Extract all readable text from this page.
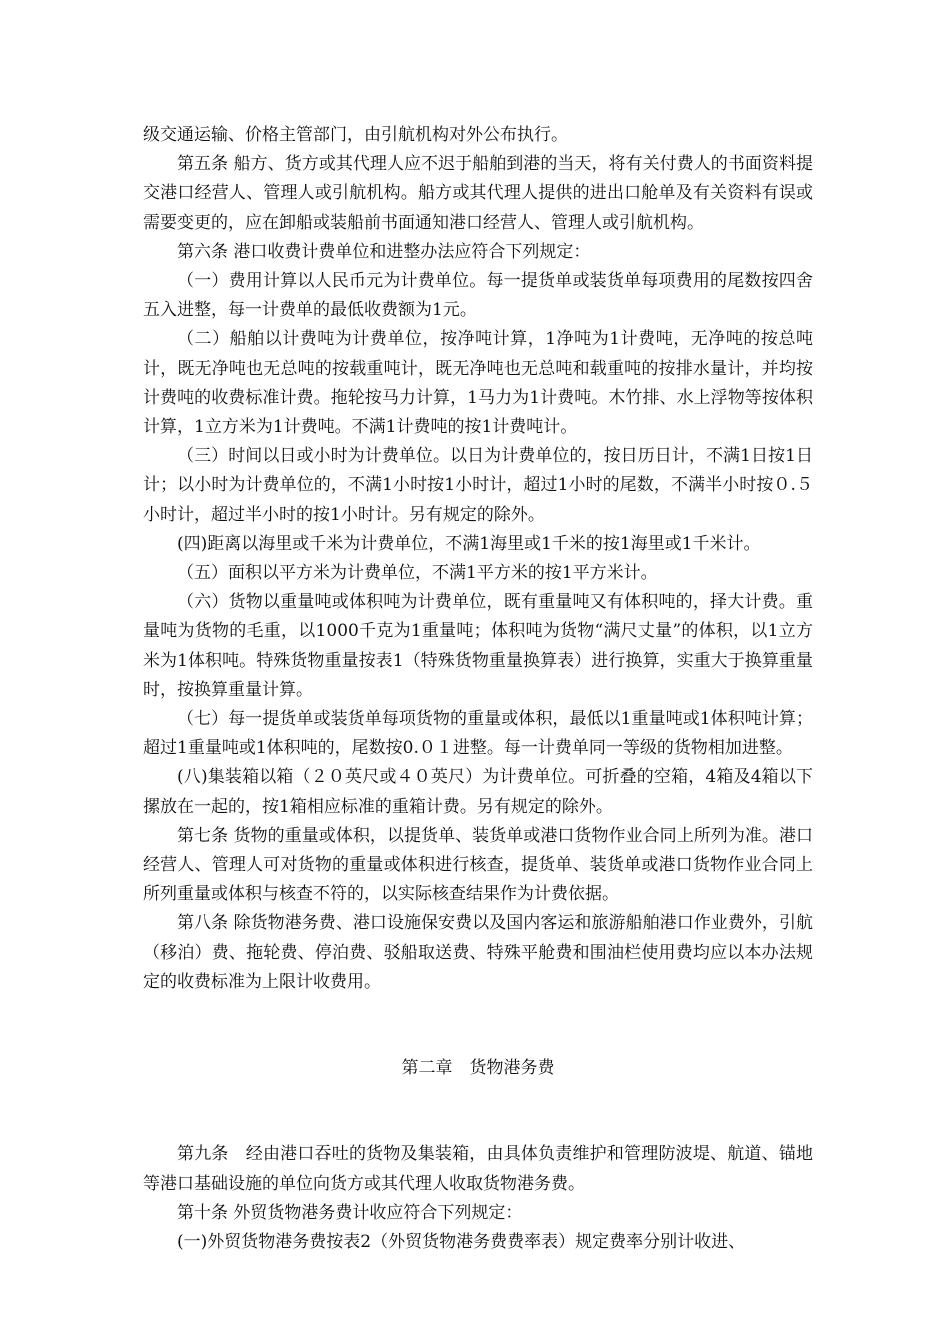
级交通运输、价格主管部门，由引航机构对外公布执行。

第五条 船方、货方或其代理人应不迟于船舶到港的当天，将有关付费人的书面资料提交港口经营人、管理人或引航机构。船方或其代理人提供的进出口舱单及有关资料有误或需要变更的，应在卸船或装船前书面通知港口经营人、管理人或引航机构。

第六条 港口收费计费单位和进整办法应符合下列规定：

（一）费用计算以人民币元为计费单位。每一提货单或装货单每项费用的尾数按四舍五入进整，每一计费单的最低收费额为1元。

（二）船舶以计费吨为计费单位，按净吨计算，1净吨为1计费吨，无净吨的按总吨计，既无净吨也无总吨的按载重吨计，既无净吨也无总吨和载重吨的按排水量计，并均按计费吨的收费标准计费。拖轮按马力计算，1马力为1计费吨。木竹排、水上浮物等按体积计算，1立方米为1计费吨。不满1计费吨的按1计费吨计。

（三）时间以日或小时为计费单位。以日为计费单位的，按日历日计，不满1日按1日计；以小时为计费单位的，不满1小时按1小时计，超过1小时的尾数，不满半小时按０.５小时计，超过半小时的按1小时计。另有规定的除外。

(四)距离以海里或千米为计费单位，不满1海里或1千米的按1海里或1千米计。

（五）面积以平方米为计费单位，不满1平方米的按1平方米计。

（六）货物以重量吨或体积吨为计费单位，既有重量吨又有体积吨的，择大计费。重量吨为货物的毛重，以1000千克为1重量吨；体积吨为货物“满尺丈量”的体积，以1立方米为1体积吨。特殊货物重量按表1（特殊货物重量换算表）进行换算，实重大于换算重量时，按换算重量计算。

（七）每一提货单或装货单每项货物的重量或体积，最低以1重量吨或1体积吨计算；超过1重量吨或1体积吨的，尾数按0.０１进整。每一计费单同一等级的货物相加进整。

(八)集装箱以箱（２０英尺或４０英尺）为计费单位。可折叠的空箱，4箱及4箱以下摞放在一起的，按1箱相应标准的重箱计费。另有规定的除外。

第七条 货物的重量或体积，以提货单、装货单或港口货物作业合同上所列为准。港口经营人、管理人可对货物的重量或体积进行核查，提货单、装货单或港口货物作业合同上所列重量或体积与核查不符的，以实际核查结果作为计费依据。

第八条 除货物港务费、港口设施保安费以及国内客运和旅游船舶港口作业费外，引航（移泊）费、拖轮费、停泊费、驳船取送费、特殊平舱费和围油栏使用费均应以本办法规定的收费标准为上限计收费用。

第二章　货物港务费

第九条　经由港口吞吐的货物及集装箱，由具体负责维护和管理防波堤、航道、锚地等港口基础设施的单位向货方或其代理人收取货物港务费。

第十条 外贸货物港务费计收应符合下列规定：

(一)外贸货物港务费按表2（外贸货物港务费费率表）规定费率分别计收进、
